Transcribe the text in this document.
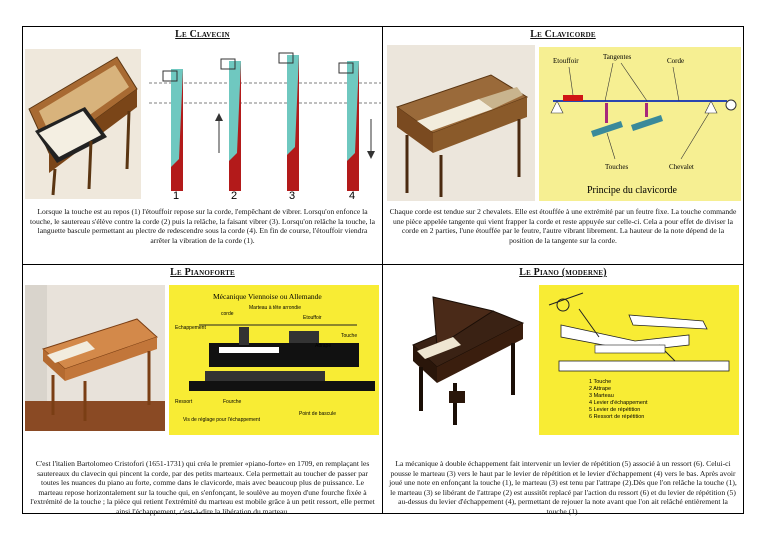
Le Clavecin
1	2	3	4
Lorsque la touche est au repos (1) l'étouffoir repose sur la corde, l'empêchant de vibrer. Lorsqu'on enfonce la touche, le sautereau s'élève contre la corde (2) puis la relâche, la faisant vibrer (3). Lorsqu'on relâche la touche, la languette bascule permettant au plectre de redescendre sous la corde (4). En fin de course, l'étouffoir viendra arrêter la vibration de la corde (1).
Le Clavicorde
Etouffoir	Tangentes	Corde
Touches	Chevalet
Principe du clavicorde
Chaque corde est tendue sur 2 chevalets. Elle est étouffée à une extrémité par un feutre fixe. La touche commande une pièce appelée tangente qui vient frapper la corde et reste appuyée sur celle-ci. Cela a pour effet de diviser la corde en 2 parties, l'une étouffée par le feutre, l'autre vibrant librement. La hauteur de la note dépend de la position de la tangente sur la corde.
Le Pianoforte
Mécanique Viennoise ou Allemande
corde
Marteau à tête arrondie
Echappement
Etouffoir
Attrape
Touche
Ressort	Fourche
Vis de réglage pour l'échappement
Point de bascule
C'est l'italien Bartolomeo Cristofori (1651-1731) qui créa le premier «piano-forte» en 1709, en remplaçant les sautereaux du clavecin qui pincent la corde, par des petits marteaux. Cela permettait au toucher de passer par toutes les nuances du piano au forte, comme dans le clavicorde, mais avec beaucoup plus de puissance. Le marteau repose horizontalement sur la touche qui, en s'enfonçant, le soulève au moyen d'une fourche fixée à l'extrémité de la touche ; la pièce qui retient l'extrémité du marteau est mobile grâce à un petit ressort, elle permet ainsi l'échappement, c'est-à-dire la libération du marteau.
Le Piano (moderne)
1 Touche
2 Attrape
3 Marteau
4 Levier d'échappement
5 Levier de répétition
6 Ressort de répétition
La mécanique à double échappement fait intervenir un levier de répétition (5) associé à un ressort (6). Celui-ci pousse le marteau (3) vers le haut par le levier de répétition et le levier d'échappement (4) vers le bas. Après avoir joué une note en enfonçant la touche (1), le marteau (3) est tenu par l'attrape (2).Dès que l'on relâche la touche (1), le marteau (3) se libérant de l'attrape (2) est aussitôt replacé par l'action du ressort (6) et du levier de répétition (5) au-dessus du levier d'échappement (4), permettant de rejouer la note avant que l'on ait relâché entièrement la touche (1).
